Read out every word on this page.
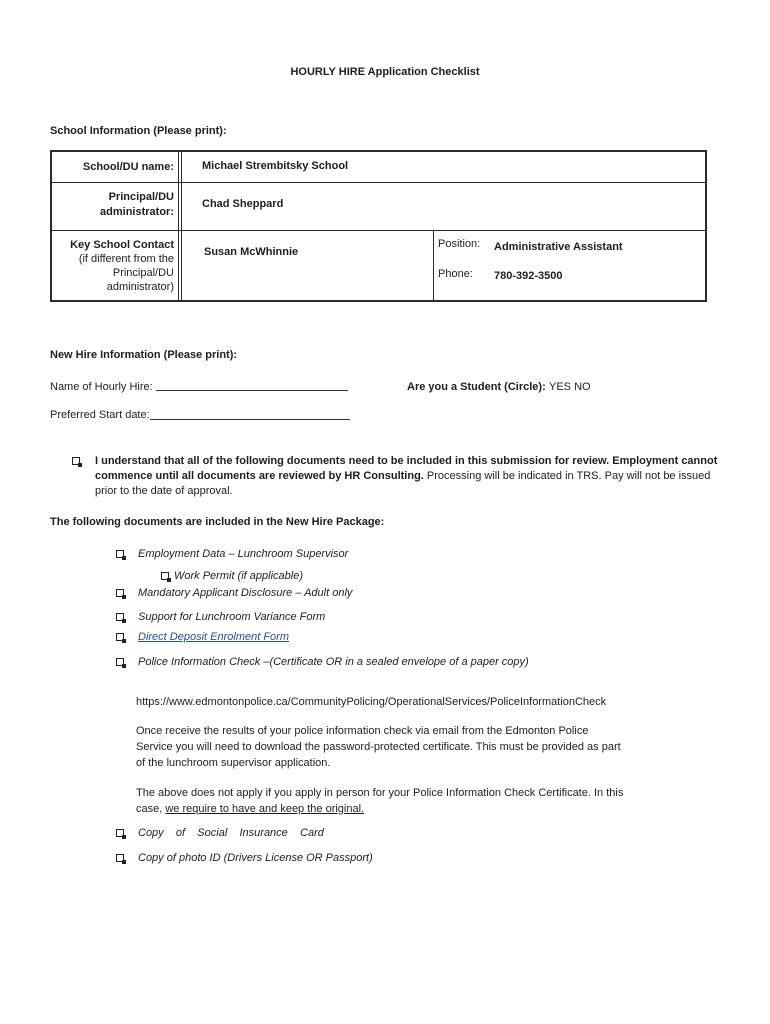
HOURLY HIRE Application Checklist
School Information (Please print):
School/DU name:	Michael Strembitsky School
Principal/DU
administrator:
Chad Sheppard
Key School Contact
(if different from the
Principal/DU
administrator)
Susan McWhinnie
Position: Administrative Assistant
Phone: 780-392-3500
New Hire Information (Please print):
Name of Hourly Hire:	Are you a Student (Circle): YES NO
Preferred Start date:
I understand that all of the following documents need to be included in this submission for review. Employment cannot
commence until all documents are reviewed by HR Consulting. Processing will be indicated in TRS. Pay will not be issued
prior to the date of approval.
The following documents are included in the New Hire Package:
Employment Data – Lunchroom Supervisor
Work Permit (if applicable)
Mandatory Applicant Disclosure – Adult only
Support for Lunchroom Variance Form
Direct Deposit Enrolment Form
Police Information Check –(Certificate OR in a sealed envelope of a paper copy)
https://www.edmontonpolice.ca/CommunityPolicing/OperationalServices/PoliceInformationCheck
Once receive the results of your police information check via email from the Edmonton Police
Service you will need to download the password-protected certificate. This must be provided as part
of the lunchroom supervisor application.
The above does not apply if you apply in person for your Police Information Check Certificate. In this
case, we require to have and keep the original.
Copy    of    Social    Insurance    Card
Copy of photo ID (Drivers License OR Passport)
